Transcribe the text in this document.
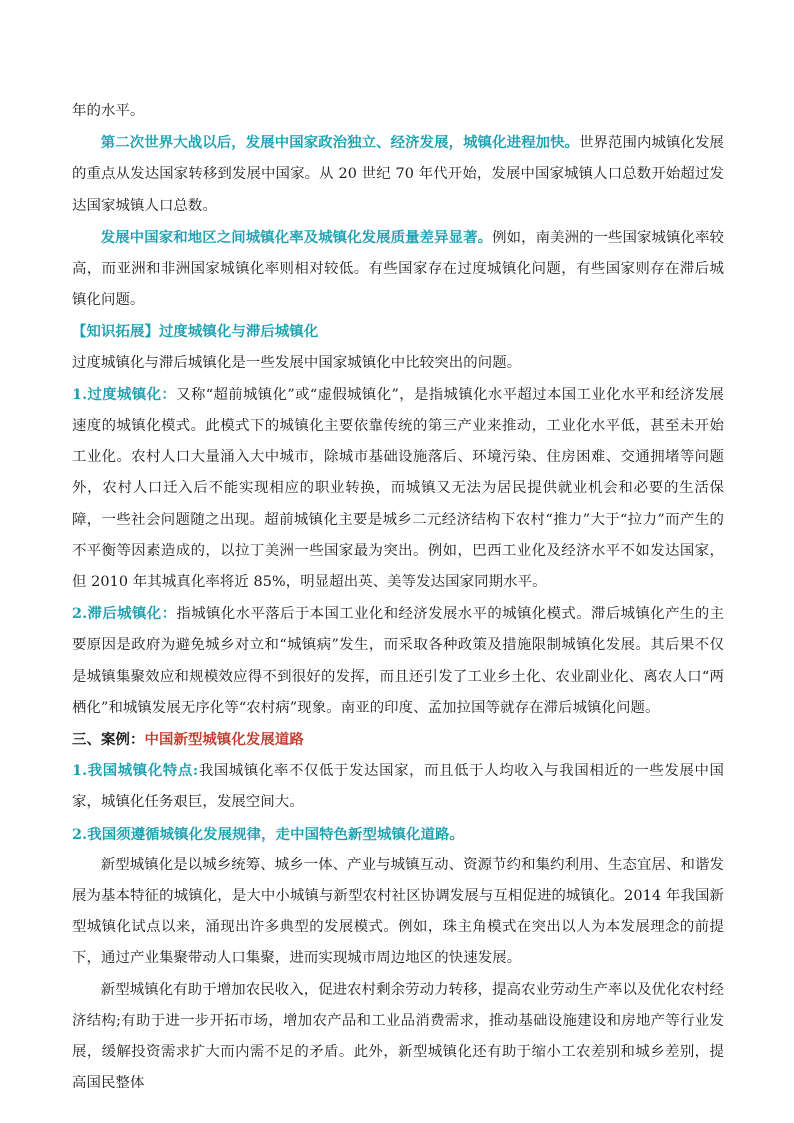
年的水平。

第二次世界大战以后，发展中国家政治独立、经济发展，城镇化进程加快。世界范围内城镇化发展的重点从发达国家转移到发展中国家。从 20 世纪 70 年代开始，发展中国家城镇人口总数开始超过发达国家城镇人口总数。

发展中国家和地区之间城镇化率及城镇化发展质量差异显著。例如，南美洲的一些国家城镇化率较高，而亚洲和非洲国家城镇化率则相对较低。有些国家存在过度城镇化问题，有些国家则存在滞后城镇化问题。

【知识拓展】过度城镇化与滞后城镇化

过度城镇化与滞后城镇化是一些发展中国家城镇化中比较突出的问题。

1.过度城镇化：又称“超前城镇化”或“虚假城镇化”，是指城镇化水平超过本国工业化水平和经济发展速度的城镇化模式。此模式下的城镇化主要依靠传统的第三产业来推动，工业化水平低，甚至未开始工业化。农村人口大量涌入大中城市，除城市基础设施落后、环境污染、住房困难、交通拥堵等问题外，农村人口迁入后不能实现相应的职业转换，而城镇又无法为居民提供就业机会和必要的生活保障，一些社会问题随之出现。超前城镇化主要是城乡二元经济结构下农村“推力”大于“拉力”而产生的不平衡等因素造成的，以拉丁美洲一些国家最为突出。例如，巴西工业化及经济水平不如发达国家，但 2010 年其城真化率将近 85%，明显超出英、美等发达国家同期水平。

2.滞后城镇化：指城镇化水平落后于本国工业化和经济发展水平的城镇化模式。滞后城镇化产生的主要原因是政府为避免城乡对立和“城镇病”发生，而采取各种政策及措施限制城镇化发展。其后果不仅是城镇集聚效应和规模效应得不到很好的发挥，而且还引发了工业乡土化、农业副业化、离农人口“两栖化”和城镇发展无序化等“农村病”现象。南亚的印度、孟加拉国等就存在滞后城镇化问题。

三、案例：中国新型城镇化发展道路

1.我国城镇化特点:我国城镇化率不仅低于发达国家，而且低于人均收入与我国相近的一些发展中国家，城镇化任务艰巨，发展空间大。

2.我国须遵循城镇化发展规律，走中国特色新型城镇化道路。

新型城镇化是以城乡统筹、城乡一体、产业与城镇互动、资源节约和集约利用、生态宜居、和谐发展为基本特征的城镇化，是大中小城镇与新型农村社区协调发展与互相促进的城镇化。2014 年我国新型城镇化试点以来，涌现出许多典型的发展模式。例如，珠主角模式在突出以人为本发展理念的前提下，通过产业集聚带动人口集聚，进而实现城市周边地区的快速发展。

新型城镇化有助于增加农民收入，促进农村剩余劳动力转移，提高农业劳动生产率以及优化农村经济结构;有助于进一步开拓市场，增加农产品和工业品消费需求，推动基础设施建设和房地产等行业发展，缓解投资需求扩大而内需不足的矛盾。此外，新型城镇化还有助于缩小工农差别和城乡差别，提高国民整体
